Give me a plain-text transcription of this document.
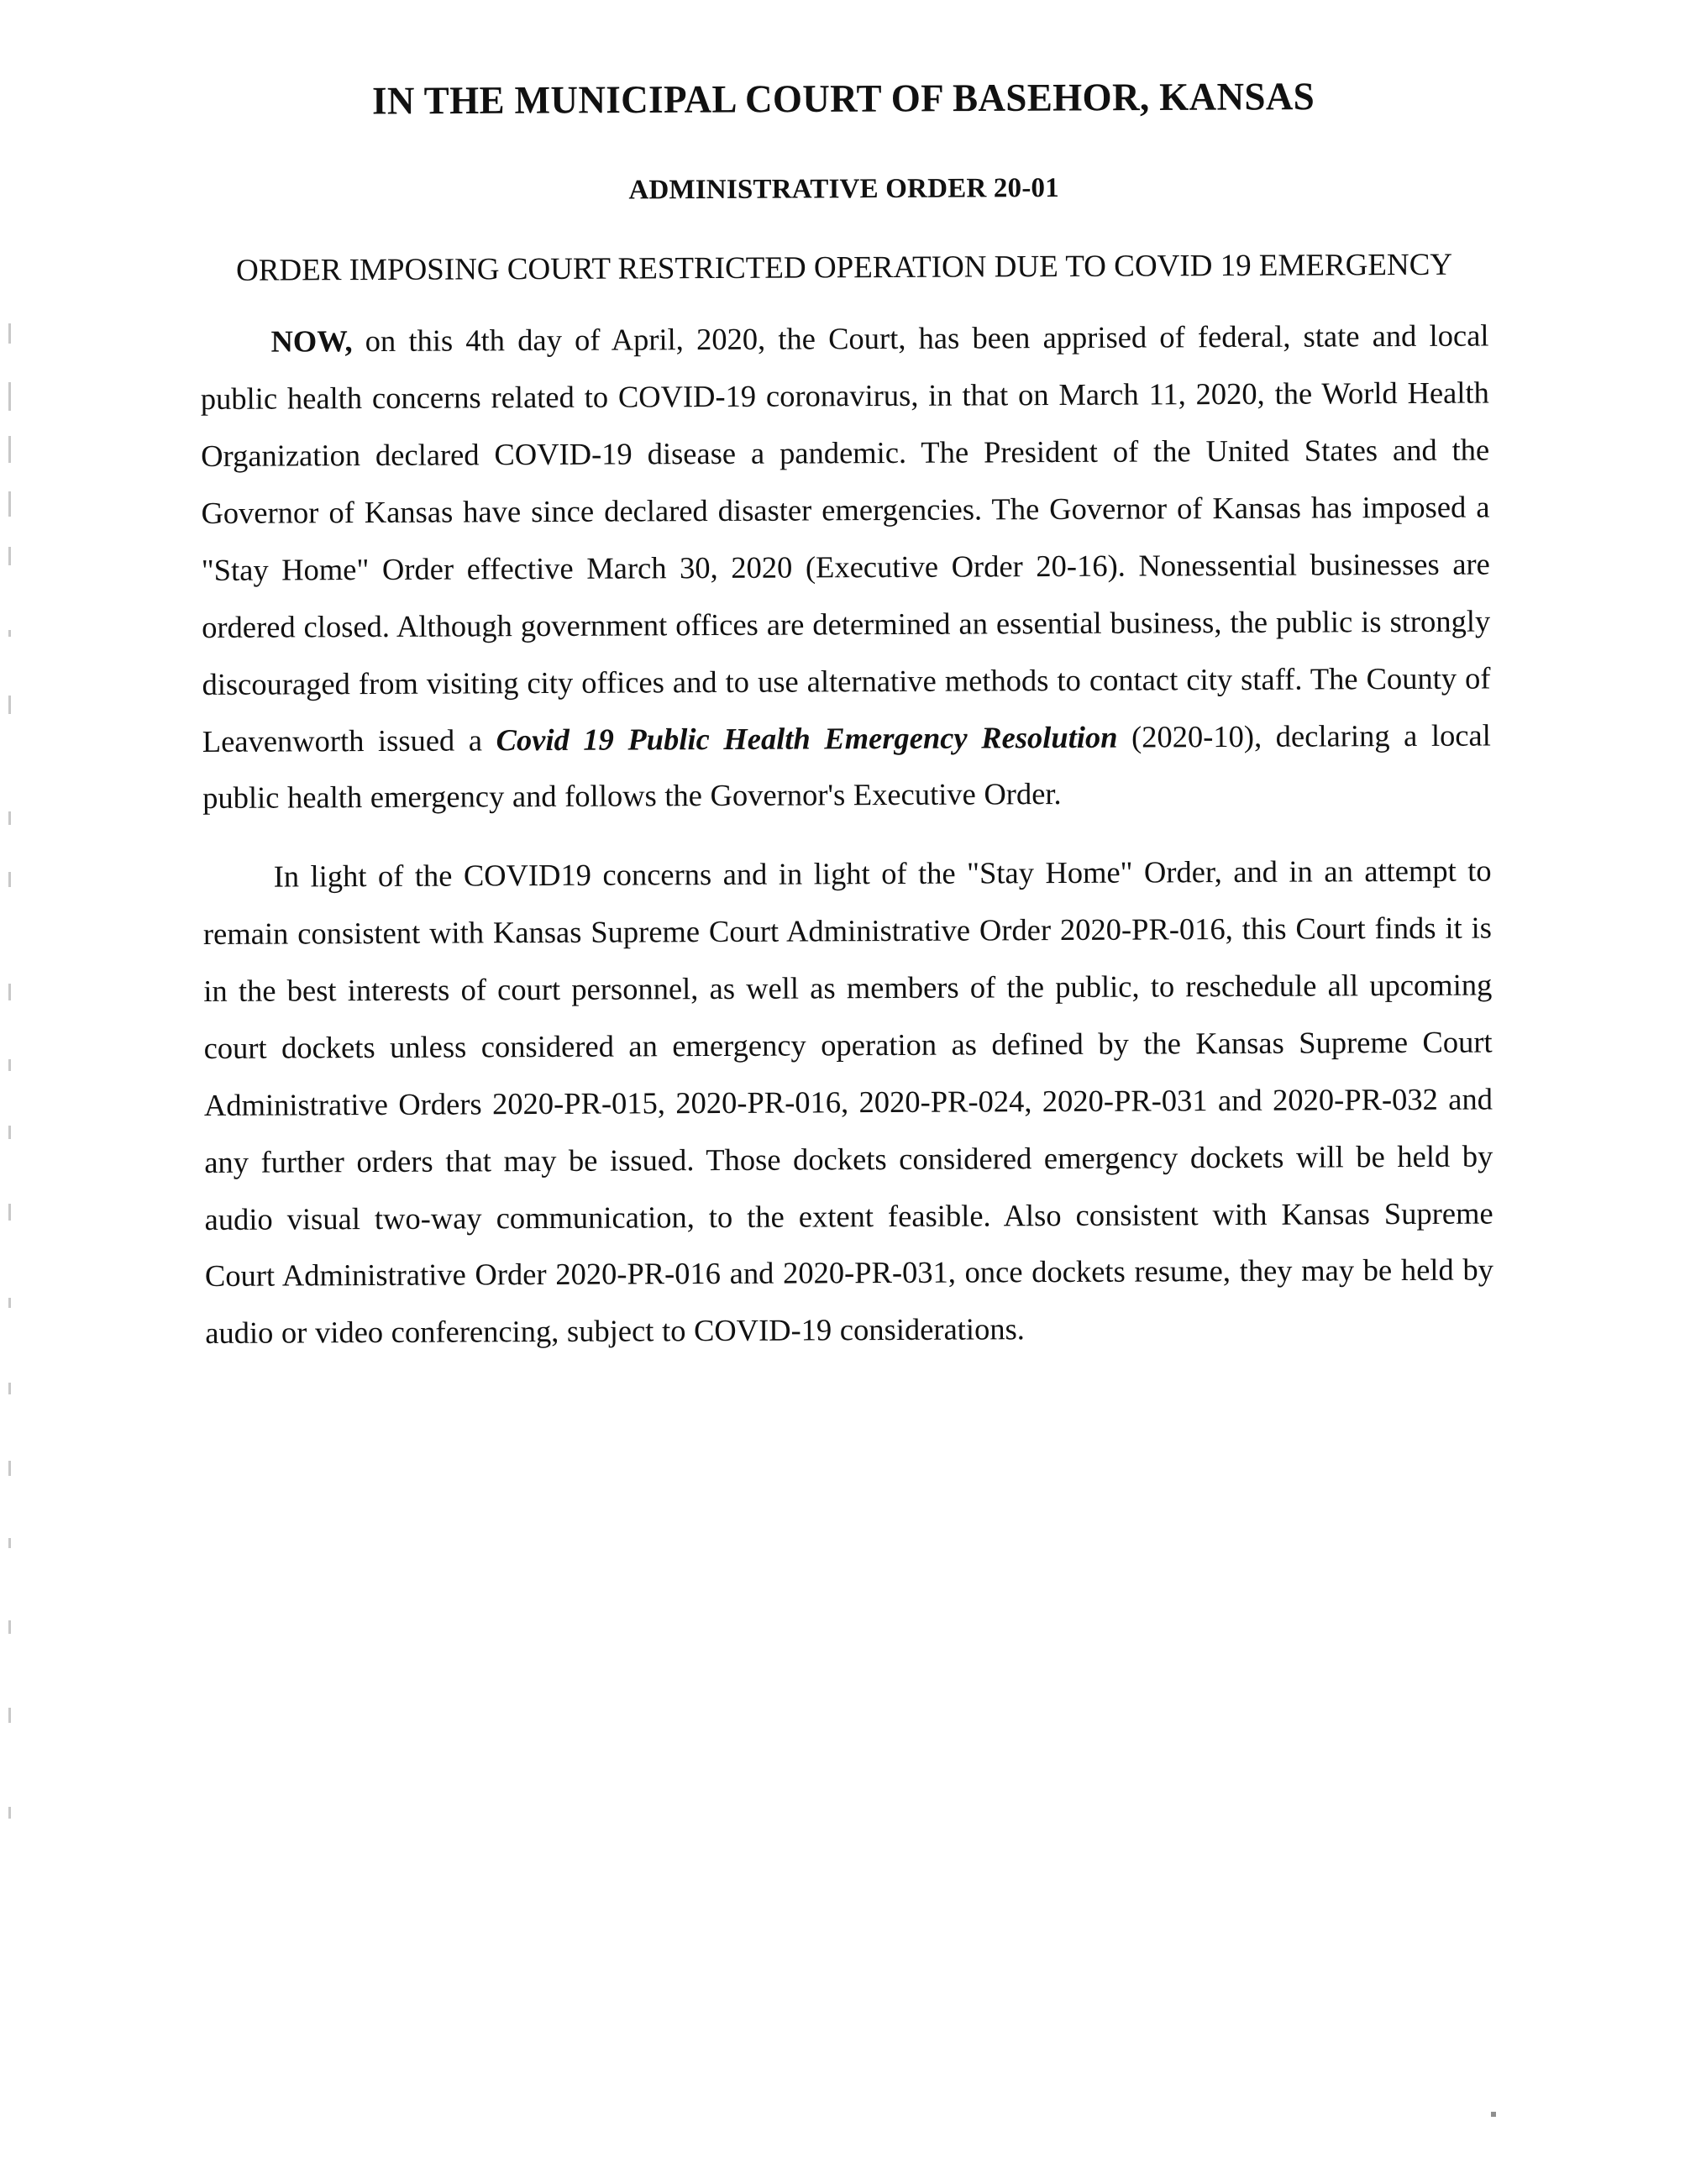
IN THE MUNICIPAL COURT OF BASEHOR, KANSAS
ADMINISTRATIVE ORDER 20-01
ORDER IMPOSING COURT RESTRICTED OPERATION DUE TO COVID 19 EMERGENCY

NOW, on this 4th day of April, 2020, the Court, has been apprised of federal, state and local public health concerns related to COVID-19 coronavirus, in that on March 11, 2020, the World Health Organization declared COVID-19 disease a pandemic. The President of the United States and the Governor of Kansas have since declared disaster emergencies. The Governor of Kansas has imposed a "Stay Home" Order effective March 30, 2020 (Executive Order 20-16). Nonessential businesses are ordered closed. Although government offices are determined an essential business, the public is strongly discouraged from visiting city offices and to use alternative methods to contact city staff. The County of Leavenworth issued a Covid 19 Public Health Emergency Resolution (2020-10), declaring a local public health emergency and follows the Governor's Executive Order.

In light of the COVID19 concerns and in light of the "Stay Home" Order, and in an attempt to remain consistent with Kansas Supreme Court Administrative Order 2020-PR-016, this Court finds it is in the best interests of court personnel, as well as members of the public, to reschedule all upcoming court dockets unless considered an emergency operation as defined by the Kansas Supreme Court Administrative Orders 2020-PR-015, 2020-PR-016, 2020-PR-024, 2020-PR-031 and 2020-PR-032 and any further orders that may be issued. Those dockets considered emergency dockets will be held by audio visual two-way communication, to the extent feasible. Also consistent with Kansas Supreme Court Administrative Order 2020-PR-016 and 2020-PR-031, once dockets resume, they may be held by audio or video conferencing, subject to COVID-19 considerations.
